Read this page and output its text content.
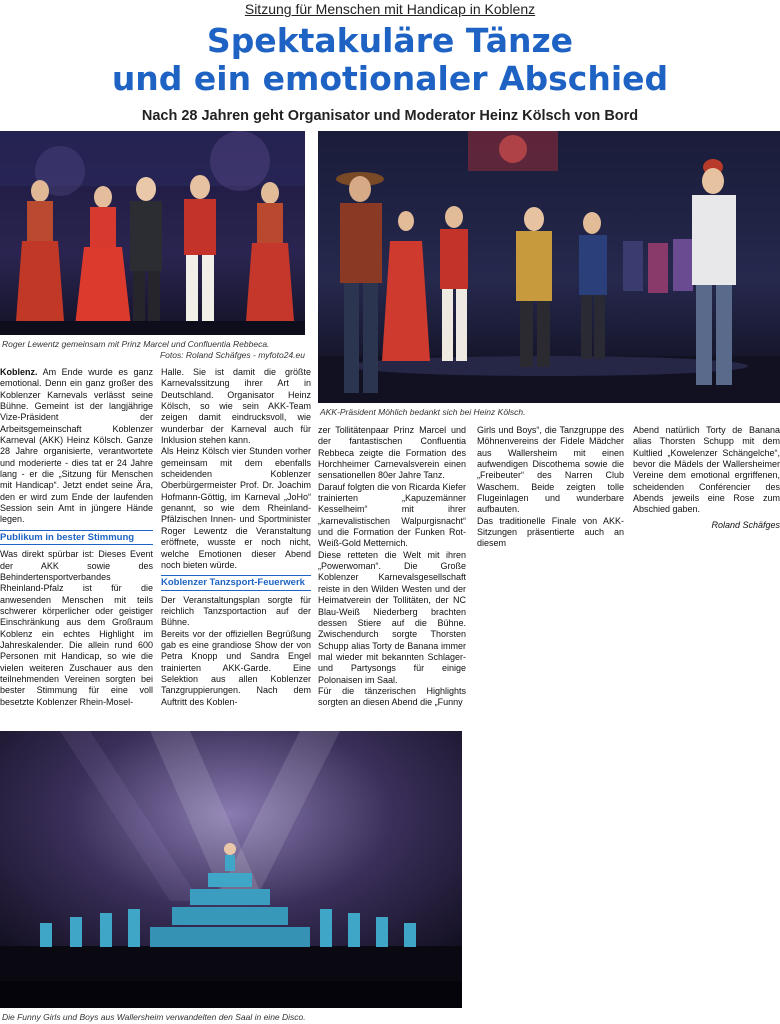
Sitzung für Menschen mit Handicap in Koblenz
Spektakuläre Tänze
und ein emotionaler Abschied
Nach 28 Jahren geht Organisator und Moderator Heinz Kölsch von Bord
Roger Lewentz gemeinsam mit Prinz Marcel und Confluentia Rebbeca.
Fotos: Roland Schäfges - myfoto24.eu
AKK-Präsident Möhlich bedankt sich bei Heinz Kölsch.

Koblenz. Am Ende wurde es ganz emotional. Denn ein ganz großer des Koblenzer Karnevals verlässt seine Bühne. Gemeint ist der langjährige Vize-Präsident der Arbeitsgemeinschaft Koblenzer Karneval (AKK) Heinz Kölsch. Ganze 28 Jahre organisierte, verantwortete und moderierte - dies tat er 24 Jahre lang - er die „Sitzung für Menschen mit Handicap“. Jetzt endet seine Ära, den er wird zum Ende der laufenden Session sein Amt in jüngere Hände legen.

Publikum in bester Stimmung

Was direkt spürbar ist: Dieses Event der AKK sowie des Behindertensportverbandes Rheinland-Pfalz ist für die anwesenden Menschen mit teils schwerer körperlicher oder geistiger Einschränkung aus dem Großraum Koblenz ein echtes Highlight im Jahreskalender. Die allein rund 600 Personen mit Handicap, so wie die vielen weiteren Zuschauer aus den teilnehmenden Vereinen sorgten bei bester Stimmung für eine voll besetzte Koblenzer Rhein-Mosel-

Halle. Sie ist damit die größte Karnevalssitzung ihrer Art in Deutschland. Organisator Heinz Kölsch, so wie sein AKK-Team zeigen damit eindrucksvoll, wie wunderbar der Karneval auch für Inklusion stehen kann.

Als Heinz Kölsch vier Stunden vorher gemeinsam mit dem ebenfalls scheidenden Koblenzer Oberbürgermeister Prof. Dr. Joachim Hofmann-Göttig, im Karneval „JoHo“ genannt, so wie dem Rheinland-Pfälzischen Innen- und Sportminister Roger Lewentz die Veranstaltung eröffnete, wusste er noch nicht, welche Emotionen dieser Abend noch bieten würde.

Koblenzer Tanzsport-Feuerwerk

Der Veranstaltungsplan sorgte für reichlich Tanzsportaction auf der Bühne.

Bereits vor der offiziellen Begrüßung gab es eine grandiose Show der von Petra Knopp und Sandra Engel trainierten AKK-Garde. Eine Selektion aus allen Koblenzer Tanzgruppierungen. Nach dem Auftritt des Koblen-

zer Tollitätenpaar Prinz Marcel und der fantastischen Confluentia Rebbeca zeigte die Formation des Horchheimer Carnevalsverein einen sensationellen 80er Jahre Tanz.

Darauf folgten die von Ricarda Kiefer trainierten „Kapuzemänner Kesselheim“ mit ihrer „karnevalistischen Walpurgisnacht“ und die Formation der Funken Rot-Weiß-Gold Metternich.

Diese retteten die Welt mit ihren „Powerwoman“. Die Große Koblenzer Karnevalsgesellschaft reiste in den Wilden Westen und der Heimatverein der Tollitäten, der NC Blau-Weiß Niederberg brachten dessen Stiere auf die Bühne. Zwischendurch sorgte Thorsten Schupp alias Torty de Banana immer mal wieder mit bekannten Schlager- und Partysongs für einige Polonaisen im Saal.

Für die tänzerischen Highlights sorgten an diesen Abend die „Funny

Girls und Boys“, die Tanzgruppe des Möhnenvereins der Fidele Mädcher aus Wallersheim mit einen aufwendigen Discothema sowie die „Freibeuter“ des Narren Club Waschem. Beide zeigten tolle Flugeinlagen und wunderbare aufbauten.

Das traditionelle Finale von AKK-Sitzungen präsentierte auch an diesem

Abend natürlich Torty de Banana alias Thorsten Schupp mit dem Kultlied „Kowelenzer Schängelche“, bevor die Mädels der Wallersheimer Vereine dem emotional ergriffenen, scheidenden Conférencier des Abends jeweils eine Rose zum Abschied gaben.

Roland Schäfges
Die Funny Girls und Boys aus Wallersheim verwandelten den Saal in eine Disco.
